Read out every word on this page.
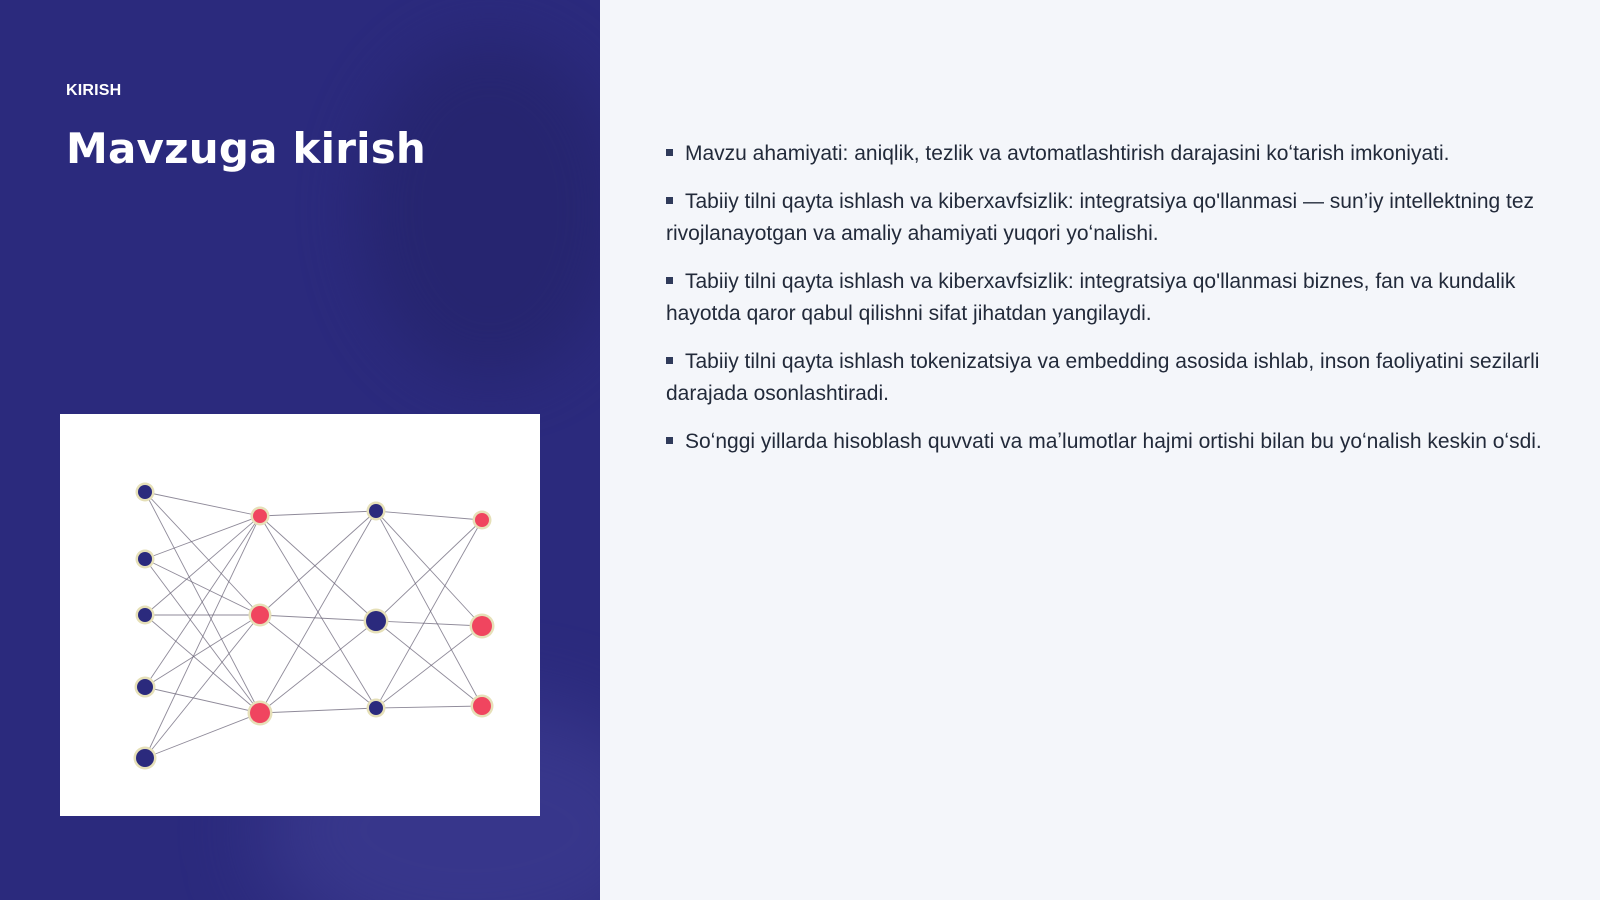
KIRISH
Mavzuga kirish	Mavzu ahamiyati: aniqlik, tezlik va avtomatlashtirish darajasini koʻtarish imkoniyati.
Tabiiy tilni qayta ishlash va kiberxavfsizlik: integratsiya qo'llanmasi — sun’iy intellektning tez rivojlanayotgan va amaliy ahamiyati yuqori yoʻnalishi.
Tabiiy tilni qayta ishlash va kiberxavfsizlik: integratsiya qo'llanmasi biznes, fan va kundalik hayotda qaror qabul qilishni sifat jihatdan yangilaydi.
Tabiiy tilni qayta ishlash tokenizatsiya va embedding asosida ishlab, inson faoliyatini sezilarli darajada osonlashtiradi.
Soʻnggi yillarda hisoblash quvvati va maʼlumotlar hajmi ortishi bilan bu yoʻnalish keskin oʻsdi.
